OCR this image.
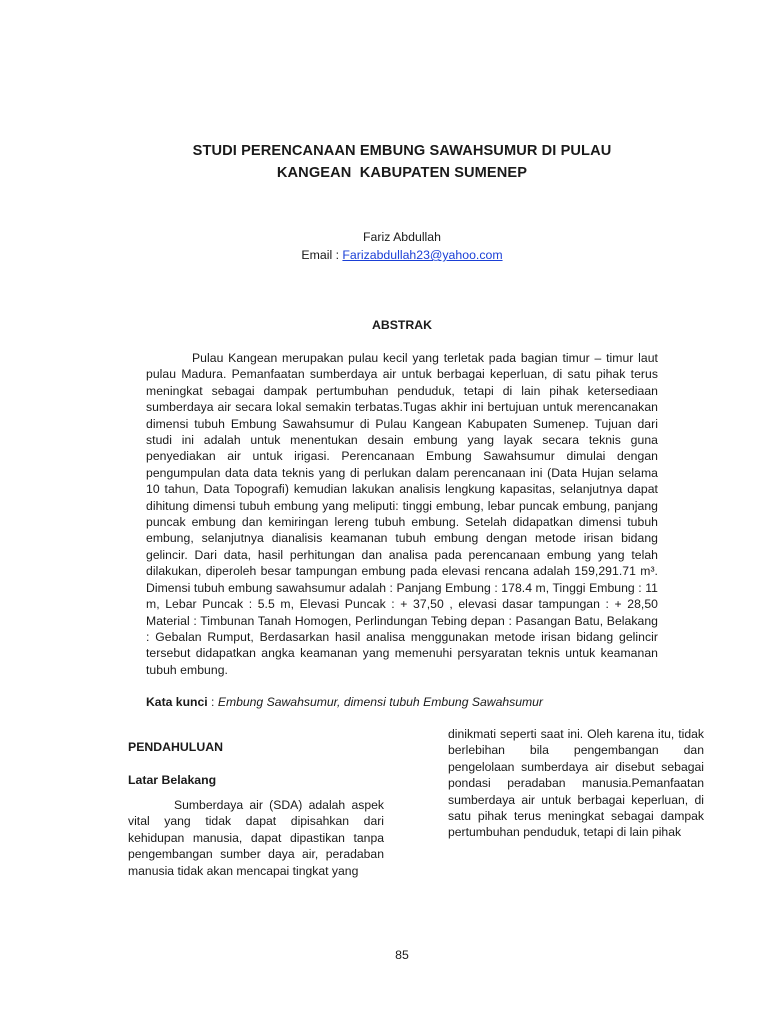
STUDI PERENCANAAN EMBUNG SAWAHSUMUR DI PULAU
KANGEAN  KABUPATEN SUMENEP
Fariz Abdullah
Email : Farizabdullah23@yahoo.com
ABSTRAK

Pulau Kangean merupakan pulau kecil yang terletak pada bagian timur – timur laut pulau Madura. Pemanfaatan sumberdaya air untuk berbagai keperluan, di satu pihak terus meningkat sebagai dampak pertumbuhan penduduk, tetapi di lain pihak ketersediaan sumberdaya air secara lokal semakin terbatas.Tugas akhir ini bertujuan untuk merencanakan dimensi tubuh Embung Sawahsumur di Pulau Kangean Kabupaten Sumenep. Tujuan dari studi ini adalah untuk menentukan desain embung yang layak secara teknis guna penyediakan air untuk irigasi. Perencanaan Embung Sawahsumur dimulai dengan pengumpulan data data teknis yang di perlukan dalam perencanaan ini (Data Hujan selama 10 tahun, Data Topografi) kemudian lakukan analisis lengkung kapasitas, selanjutnya dapat dihitung dimensi tubuh embung yang meliputi: tinggi embung, lebar puncak embung, panjang puncak embung dan kemiringan lereng tubuh embung. Setelah didapatkan dimensi tubuh embung, selanjutnya dianalisis keamanan tubuh embung dengan metode irisan bidang gelincir. Dari data, hasil perhitungan dan analisa pada perencanaan embung yang telah dilakukan, diperoleh besar tampungan embung pada elevasi rencana adalah 159,291.71 m³. Dimensi tubuh embung sawahsumur adalah : Panjang Embung : 178.4 m, Tinggi Embung : 11 m, Lebar Puncak : 5.5 m, Elevasi Puncak : + 37,50 , elevasi dasar tampungan : + 28,50 Material : Timbunan Tanah Homogen, Perlindungan Tebing depan : Pasangan Batu, Belakang : Gebalan Rumput, Berdasarkan hasil analisa menggunakan metode irisan bidang gelincir tersebut didapatkan angka keamanan yang memenuhi persyaratan teknis untuk keamanan tubuh embung.

Kata kunci : Embung Sawahsumur, dimensi tubuh Embung Sawahsumur
PENDAHULUAN
Latar Belakang

Sumberdaya air (SDA) adalah aspek vital yang tidak dapat dipisahkan dari kehidupan manusia, dapat dipastikan tanpa pengembangan sumber daya air, peradaban manusia tidak akan mencapai tingkat yang

dinikmati seperti saat ini. Oleh karena itu, tidak berlebihan bila pengembangan dan pengelolaan sumberdaya air disebut sebagai pondasi peradaban manusia.Pemanfaatan sumberdaya air untuk berbagai keperluan, di satu pihak terus meningkat sebagai dampak pertumbuhan penduduk, tetapi di lain pihak

85
